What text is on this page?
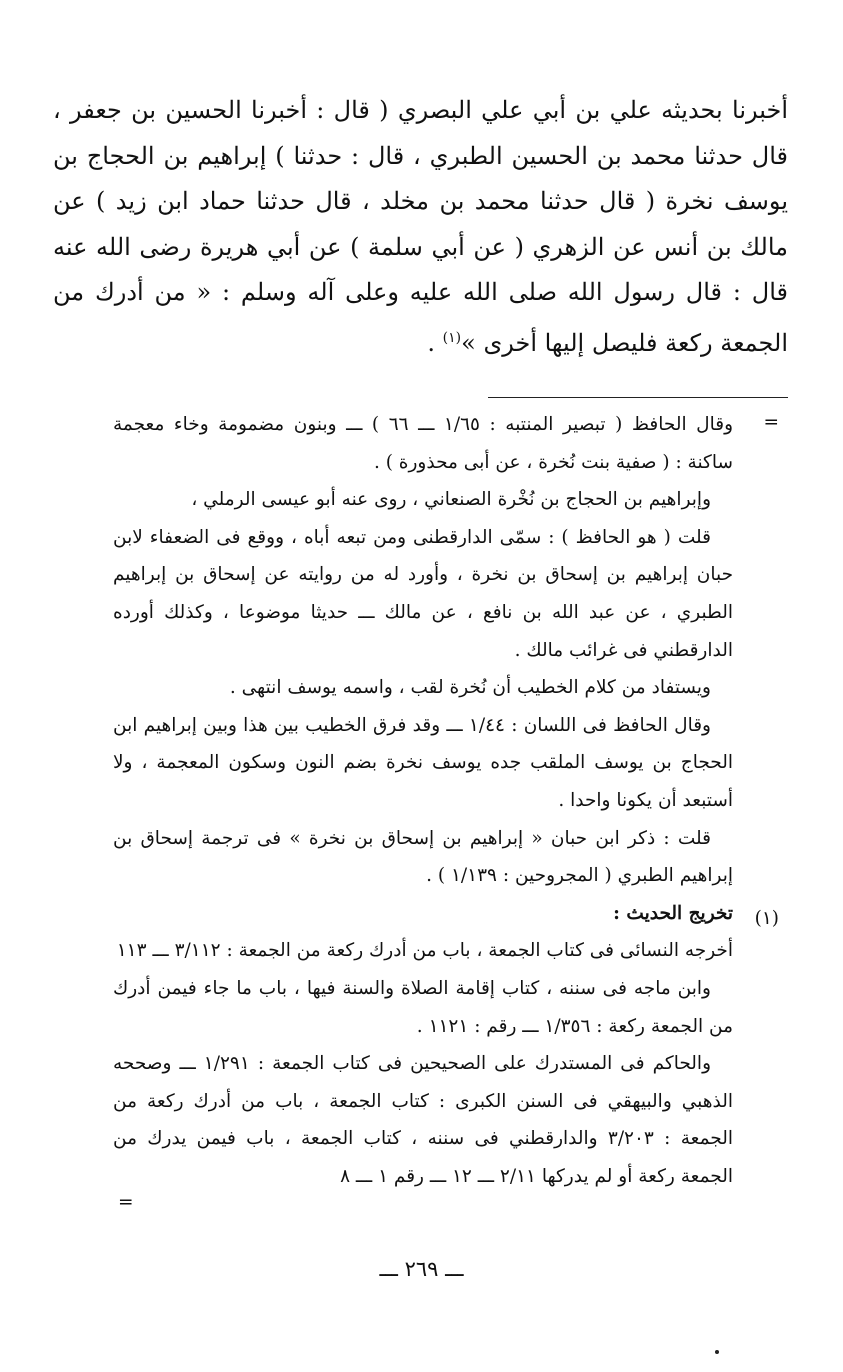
أخبرنا بحديثه علي بن أبي علي البصري ( قال : أخبرنا الحسين بن جعفر ، قال حدثنا محمد بن الحسين الطبري ، قال : حدثنا ) إبراهيم بن الحجاج بن يوسف نخرة ( قال حدثنا محمد بن مخلد ، قال حدثنا حماد ابن زيد ) عن مالك بن أنس عن الزهري ( عن أبي سلمة ) عن أبي هريرة رضى الله عنه قال : قال رسول الله صلى الله عليه وعلى آله وسلم : « من أدرك من الجمعة ركعة فليصل إليها أخرى »$^{(١)}$ .

=

وقال الحافظ ( تبصير المنتبه : ١/٦٥ ـــ ٦٦ ) ـــ وبنون مضمومة وخاء معجمة ساكنة : ( صفية بنت نُخرة ، عن أبى محذورة ) .

وإبراهيم بن الحجاج بن نُخْرة الصنعاني ، روى عنه أبو عيسى الرملي ،

قلت ( هو الحافظ ) : سمّى الدارقطنى ومن تبعه أباه ، ووقع فى الضعفاء لابن حبان إبراهيم بن إسحاق بن نخرة ، وأورد له من روايته عن إسحاق بن إبراهيم الطبري ، عن عبد الله بن نافع ، عن مالك ـــ حديثا موضوعا ، وكذلك أورده الدارقطني فى غرائب مالك .

ويستفاد من كلام الخطيب أن نُخرة لقب ، واسمه يوسف انتهى .

وقال الحافظ فى اللسان : ١/٤٤ ـــ وقد فرق الخطيب بين هذا وبين إبراهيم ابن الحجاج بن يوسف الملقب جده يوسف نخرة بضم النون وسكون المعجمة ، ولا أستبعد أن يكونا واحدا .

قلت : ذكر ابن حبان « إبراهيم بن إسحاق بن نخرة » فى ترجمة إسحاق بن إبراهيم الطبري ( المجروحين : ١/١٣٩ ) .

تخريج الحديث :

أخرجه النسائى فى كتاب الجمعة ، باب من أدرك ركعة من الجمعة : ٣/١١٢ ـــ ١١٣

وابن ماجه فى سننه ، كتاب إقامة الصلاة والسنة فيها ، باب ما جاء فيمن أدرك من الجمعة ركعة : ١/٣٥٦ ـــ رقم : ١١٢١ .

والحاكم فى المستدرك على الصحيحين فى كتاب الجمعة : ١/٢٩١ ـــ وصححه الذهبي والبيهقي فى السنن الكبرى : كتاب الجمعة ، باب من أدرك ركعة من الجمعة : ٣/٢٠٣ والدارقطني فى سننه ، كتاب الجمعة ، باب فيمن يدرك من الجمعة ركعة أو لم يدركها ٢/١١ ـــ ١٢ ـــ رقم ١ ـــ ٨

(١)
=
ـــ ٢٦٩ ـــ
